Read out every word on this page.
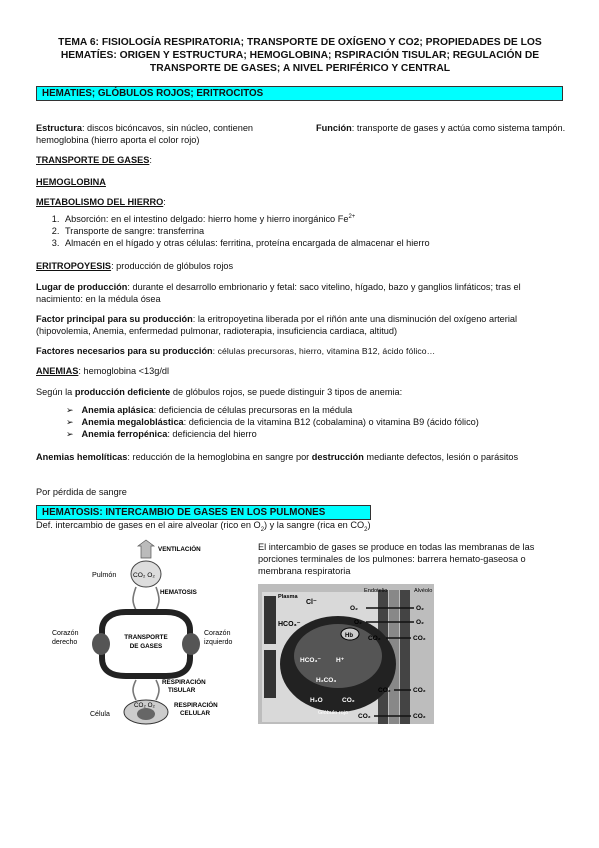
TEMA 6: FISIOLOGÍA RESPIRATORIA; TRANSPORTE DE OXÍGENO Y CO2; PROPIEDADES DE LOS HEMATÍES: ORIGEN Y ESTRUCTURA; HEMOGLOBINA; RSPIRACIÓN TISULAR; REGULACIÓN DE TRANSPORTE DE GASES; A NIVEL PERIFÉRICO Y CENTRAL
HEMATIES; GLÓBULOS ROJOS; ERITROCITOS
Estructura: discos bicóncavos, sin núcleo, contienen hemoglobina (hierro aporta el color rojo)
Función: transporte de gases y actúa como sistema tampón.
TRANSPORTE DE GASES:
HEMOGLOBINA
METABOLISMO DEL HIERRO:
1. Absorción: en el intestino delgado: hierro home y hierro inorgánico $Fe^{2+}$
2. Transporte de sangre: transferrina
3. Almacén en el hígado y otras células: ferritina, proteína encargada de almacenar el hierro
ERITROPOYESIS: producción de glóbulos rojos
Lugar de producción: durante el desarrollo embrionario y fetal: saco vitelino, hígado, bazo y ganglios linfáticos; tras el nacimiento: en la médula ósea
Factor principal para su producción: la eritropoyetina liberada por el riñón ante una disminución del oxígeno arterial (hipovolemia, Anemia, enfermedad pulmonar, radioterapia, insuficiencia cardiaca, altitud)
Factores necesarios para su producción: células precursoras, hierro, vitamina B12, ácido fólico…
ANEMIAS: hemoglobina <13g/dl
Según la producción deficiente de glóbulos rojos, se puede distinguir 3 tipos de anemia:
➢ Anemia aplásica: deficiencia de células precursoras en la médula
➢ Anemia megaloblástica: deficiencia de la vitamina B12 (cobalamina) o vitamina B9 (ácido fólico)
➢ Anemia ferropénica: deficiencia del hierro
Anemias hemolíticas: reducción de la hemoglobina en sangre por destrucción mediante defectos, lesión o parásitos
Por pérdida de sangre
HEMATOSIS: INTERCAMBIO DE GASES EN LOS PULMONES
Def. intercambio de gases en el aire alveolar (rico en $O_2$) y la sangre (rica en $CO_2$)
El intercambio de gases se produce en todas las membranas de las porciones terminales de los pulmones: barrera hemato-gaseosa o membrana respiratoria
VENTILACIÓN
Pulmón	CO₂ O₂
HEMATOSIS
Corazón
derecho
Corazón
izquierdo
TRANSPORTE
DE GASES
RESPIRACIÓN
TISULAR
CO₂ O₂
Célula
RESPIRACIÓN
CELULAR
Plasma
Endotelio	Alvéolo
Cl⁻
HCO₃⁻
Hb
HCO₃⁻ H⁺
H₂CO₃
H₂O	CO₂
Glóbulo rojo
O₂
O₂
CO₂
CO₂
CO₂
O₂
O₂
CO₂
CO₂
CO₂
